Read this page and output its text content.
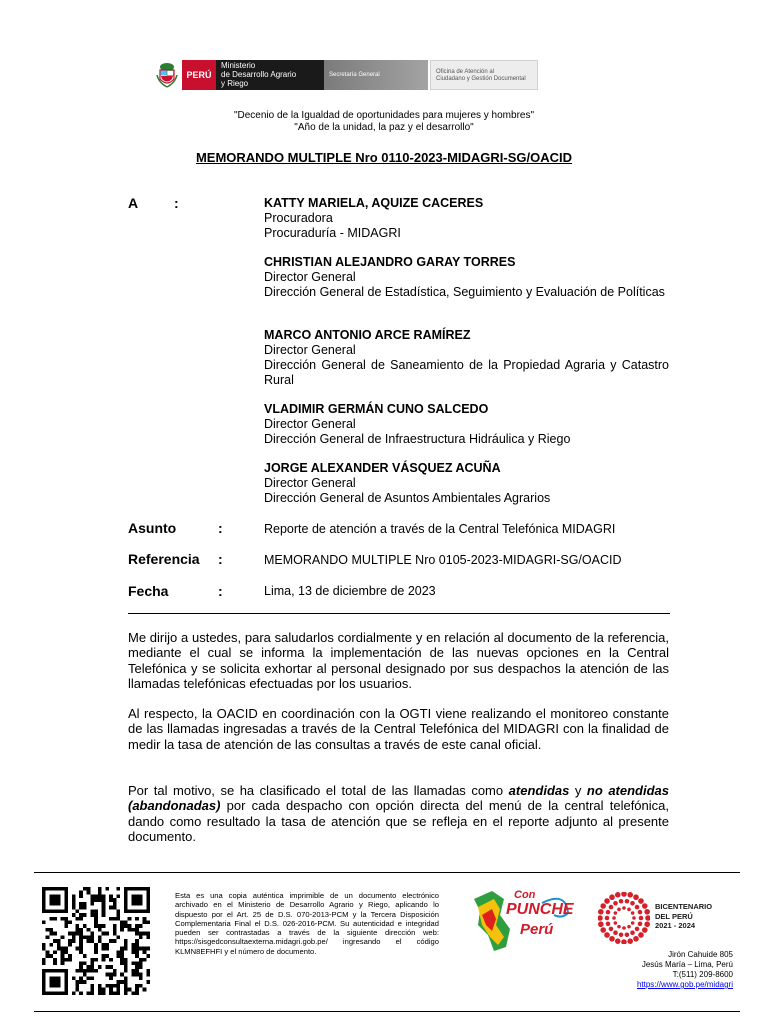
PERÚ
Ministerio
de Desarrollo Agrario
y Riego
Secretaría General	Oficina de Atención al
Ciudadano y Gestión Documental
"Decenio de la Igualdad de oportunidades para mujeres y hombres"
"Año de la unidad, la paz y el desarrollo"
MEMORANDO MULTIPLE Nro 0110-2023-MIDAGRI-SG/OACID
A	:	KATTY MARIELA, AQUIZE CACERES
Procuradora
Procuraduría - MIDAGRI
CHRISTIAN ALEJANDRO GARAY TORRES
Director General
Dirección General de Estadística, Seguimiento y Evaluación de Políticas
MARCO ANTONIO ARCE RAMÍREZ
Director General
Dirección General de Saneamiento de la Propiedad Agraria y Catastro Rural
VLADIMIR GERMÁN CUNO SALCEDO
Director General
Dirección General de Infraestructura Hidráulica y Riego
JORGE ALEXANDER VÁSQUEZ ACUÑA
Director General
Dirección General de Asuntos Ambientales Agrarios
Asunto	:	Reporte de atención a través de la Central Telefónica MIDAGRI
Referencia :	MEMORANDO MULTIPLE Nro 0105-2023-MIDAGRI-SG/OACID
Fecha	:	Lima, 13 de diciembre de 2023
Me dirijo a ustedes, para saludarlos cordialmente y en relación al documento de la referencia, mediante el cual se informa la implementación de las nuevas opciones en la Central Telefónica y se solicita exhortar al personal designado por sus despachos la atención de las llamadas telefónicas efectuadas por los usuarios.
Al respecto, la OACID en coordinación con la OGTI viene realizando el monitoreo constante de las llamadas ingresadas a través de la Central Telefónica del MIDAGRI con la finalidad de medir la tasa de atención de las consultas a través de este canal oficial.
Por tal motivo, se ha clasificado el total de las llamadas como atendidas y no atendidas (abandonadas) por cada despacho con opción directa del menú de la central telefónica, dando como resultado la tasa de atención que se refleja en el reporte adjunto al presente documento.
Esta es una copia auténtica imprimible de un documento electrónico archivado en el Ministerio de Desarrollo Agrario y Riego, aplicando lo dispuesto por el Art. 25 de D.S. 070-2013-PCM y la Tercera Disposición Complementaria Final el D.S. 026-2016-PCM. Su autenticidad e integridad pueden ser contrastadas a través de la siguiente dirección web: https://sisgedconsultaexterna.midagri.gob.pe/ ingresando el código KLMN8EFHFI y el número de documento.
Con
PUNCHE
Perú
BICENTENARIO
DEL PERÚ
2021 - 2024
Jirón Cahuide 805
Jesús María – Lima, Perú
T:(511) 209-8600
https://www.gob.pe/midagri
